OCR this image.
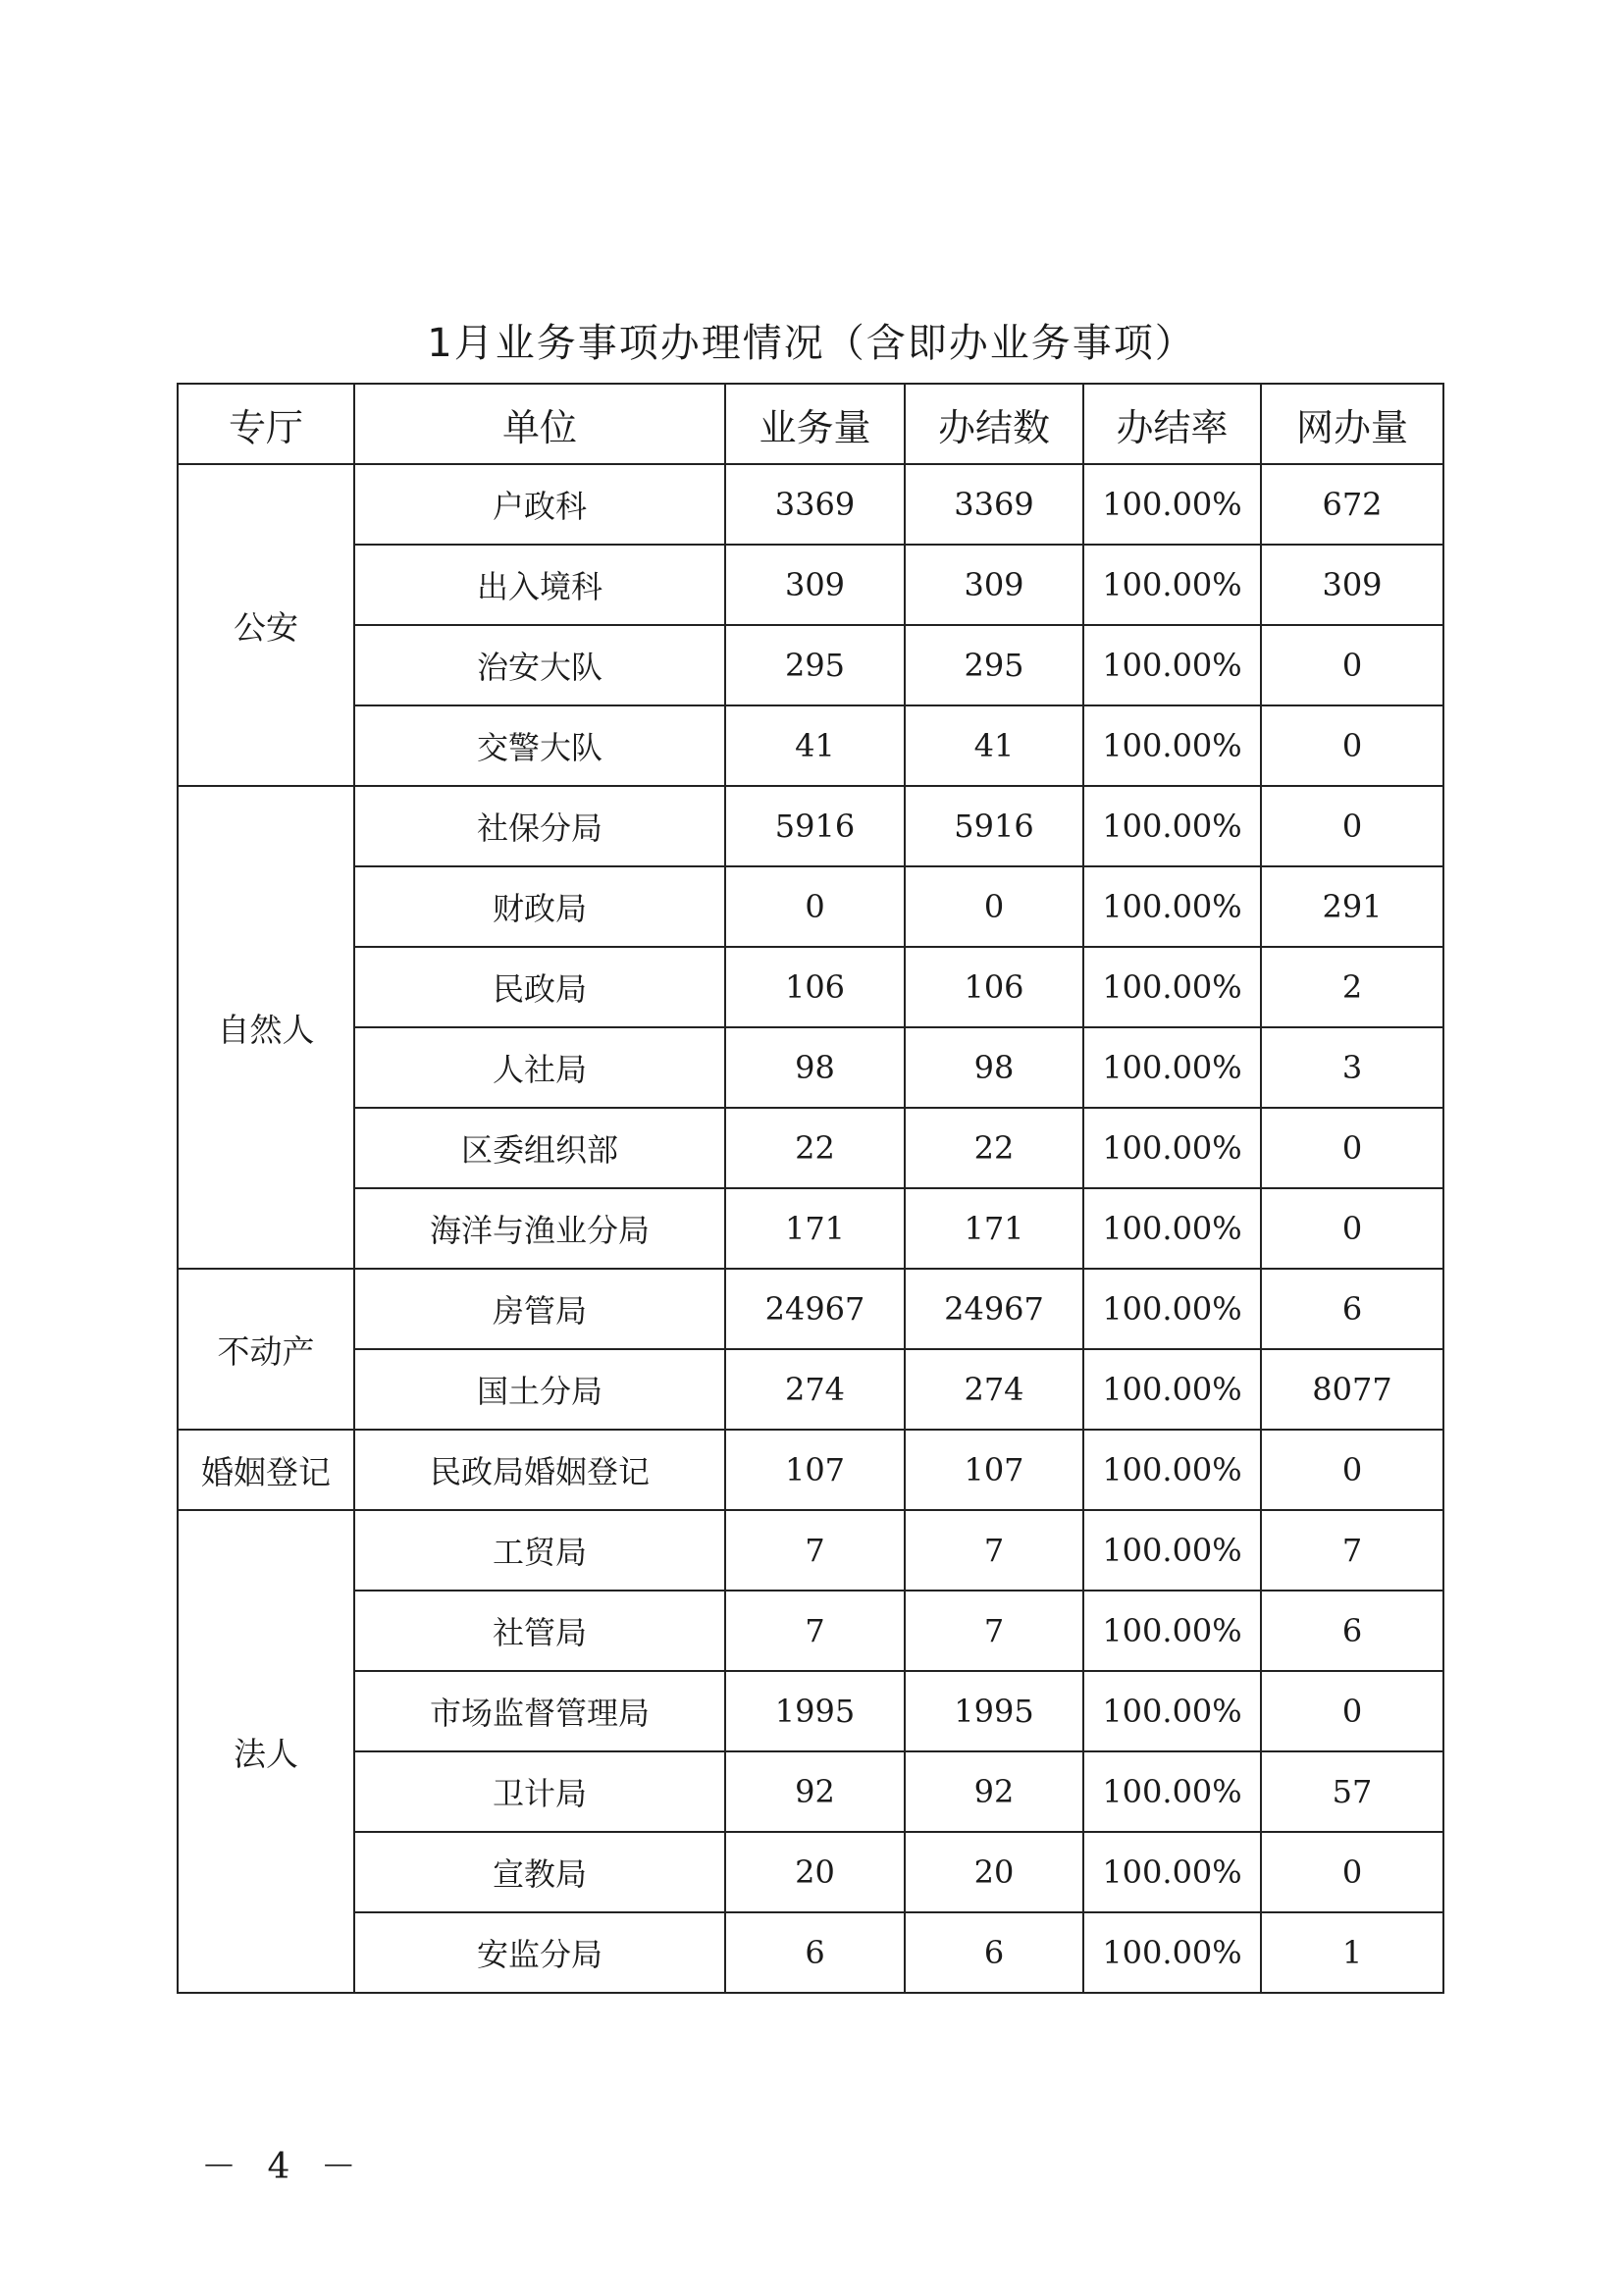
1月业务事项办理情况（含即办业务事项）
专厅	单位	业务量	办结数	办结率	网办量
公安	户政科	3369	3369	100.00%	672
	出入境科	309	309	100.00%	309
	治安大队	295	295	100.00%	0
	交警大队	41	41	100.00%	0
自然人	社保分局	5916	5916	100.00%	0
	财政局	0	0	100.00%	291
	民政局	106	106	100.00%	2
	人社局	98	98	100.00%	3
	区委组织部	22	22	100.00%	0
	海洋与渔业分局	171	171	100.00%	0
不动产	房管局	24967	24967	100.00%	6
	国土分局	274	274	100.00%	8077
婚姻登记	民政局婚姻登记	107	107	100.00%	0
法人	工贸局	7	7	100.00%	7
	社管局	7	7	100.00%	6
	市场监督管理局	1995	1995	100.00%	0
	卫计局	92	92	100.00%	57
	宣教局	20	20	100.00%	0
	安监分局	6	6	100.00%	1
－ 4 －
